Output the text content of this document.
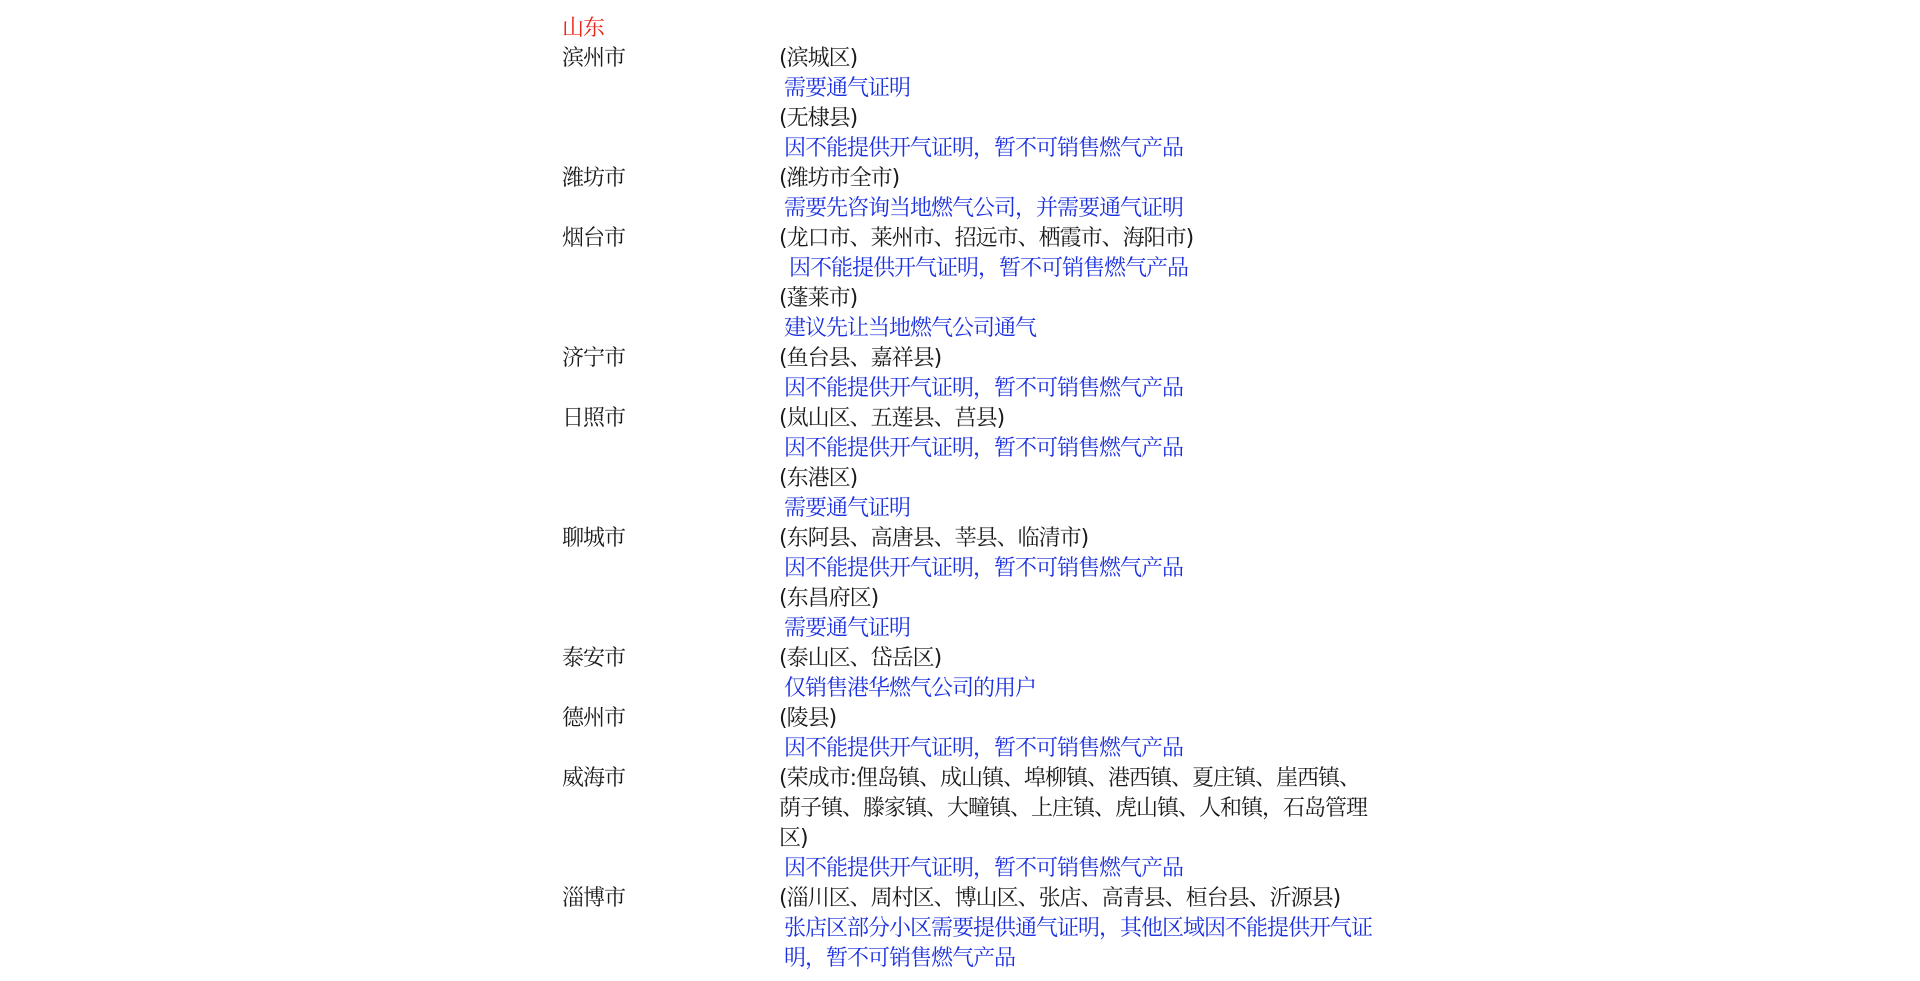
山东
滨州市	(滨城区)
需要通气证明
(无棣县)
因不能提供开气证明，暂不可销售燃气产品
潍坊市	(潍坊市全市)
需要先咨询当地燃气公司，并需要通气证明
烟台市	(龙口市、莱州市、招远市、栖霞市、海阳市)
因不能提供开气证明，暂不可销售燃气产品
(蓬莱市)
建议先让当地燃气公司通气
济宁市	(鱼台县、嘉祥县)
因不能提供开气证明，暂不可销售燃气产品
日照市	(岚山区、五莲县、莒县)
因不能提供开气证明，暂不可销售燃气产品
(东港区)
需要通气证明
聊城市	(东阿县、高唐县、莘县、临清市)
因不能提供开气证明，暂不可销售燃气产品
(东昌府区)
需要通气证明
泰安市	(泰山区、岱岳区)
仅销售港华燃气公司的用户
德州市	(陵县)
因不能提供开气证明，暂不可销售燃气产品
威海市	(荣成市:俚岛镇、成山镇、埠柳镇、港西镇、夏庄镇、崖西镇、荫子镇、滕家镇、大疃镇、上庄镇、虎山镇、人和镇，石岛管理区)
因不能提供开气证明，暂不可销售燃气产品
淄博市	(淄川区、周村区、博山区、张店、高青县、桓台县、沂源县)
张店区部分小区需要提供通气证明，其他区域因不能提供开气证明，暂不可销售燃气产品
